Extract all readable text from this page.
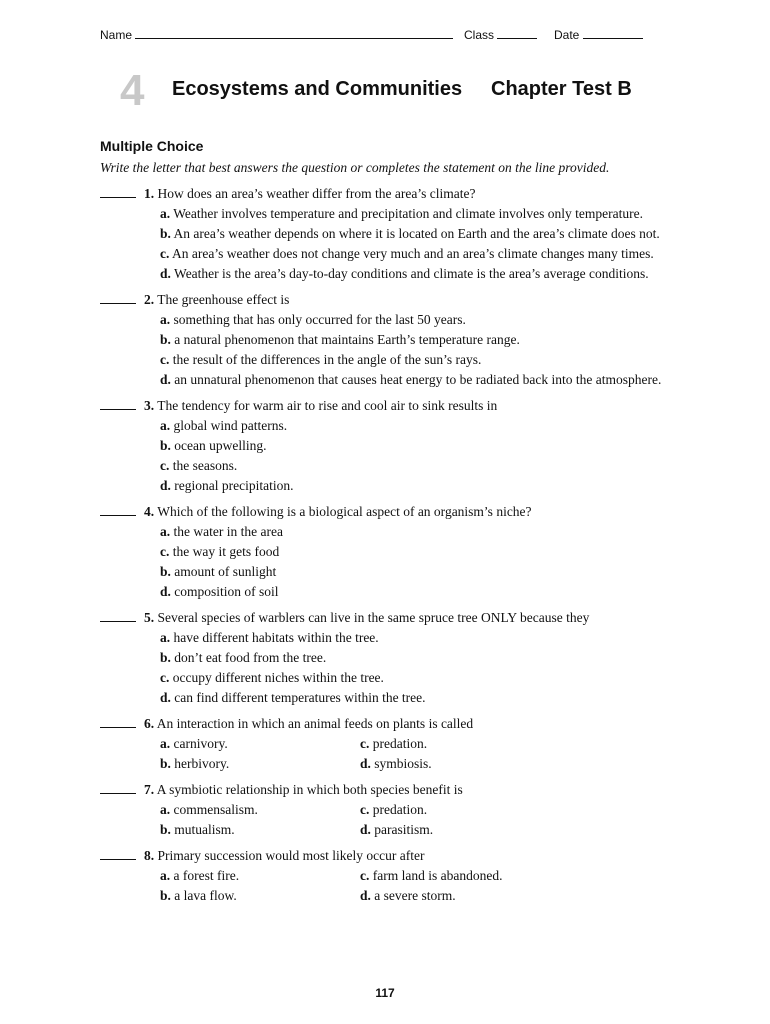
Name	Class	Date
4 Ecosystems and Communities Chapter Test B
Multiple Choice
Write the letter that best answers the question or completes the statement on the line provided.
1. How does an area’s weather differ from the area’s climate?
a. Weather involves temperature and precipitation and climate involves only temperature.
b. An area’s weather depends on where it is located on Earth and the area’s climate does not.
c. An area’s weather does not change very much and an area’s climate changes many times.
d. Weather is the area’s day-to-day conditions and climate is the area’s average conditions.
2. The greenhouse effect is
a. something that has only occurred for the last 50 years.
b. a natural phenomenon that maintains Earth’s temperature range.
c. the result of the differences in the angle of the sun’s rays.
d. an unnatural phenomenon that causes heat energy to be radiated back into the atmosphere.
3. The tendency for warm air to rise and cool air to sink results in
a. global wind patterns.
b. ocean upwelling.
c. the seasons.
d. regional precipitation.
4. Which of the following is a biological aspect of an organism’s niche?
a. the water in the area
c. the way it gets food
b. amount of sunlight
d. composition of soil
5. Several species of warblers can live in the same spruce tree ONLY because they
a. have different habitats within the tree.
b. don’t eat food from the tree.
c. occupy different niches within the tree.
d. can find different temperatures within the tree.
6. An interaction in which an animal feeds on plants is called
a. carnivory.	c. predation.
b. herbivory.	d. symbiosis.
7. A symbiotic relationship in which both species benefit is
a. commensalism.	c. predation.
b. mutualism.	d. parasitism.
8. Primary succession would most likely occur after
a. a forest fire.	c. farm land is abandoned.
b. a lava flow.	d. a severe storm.
117
